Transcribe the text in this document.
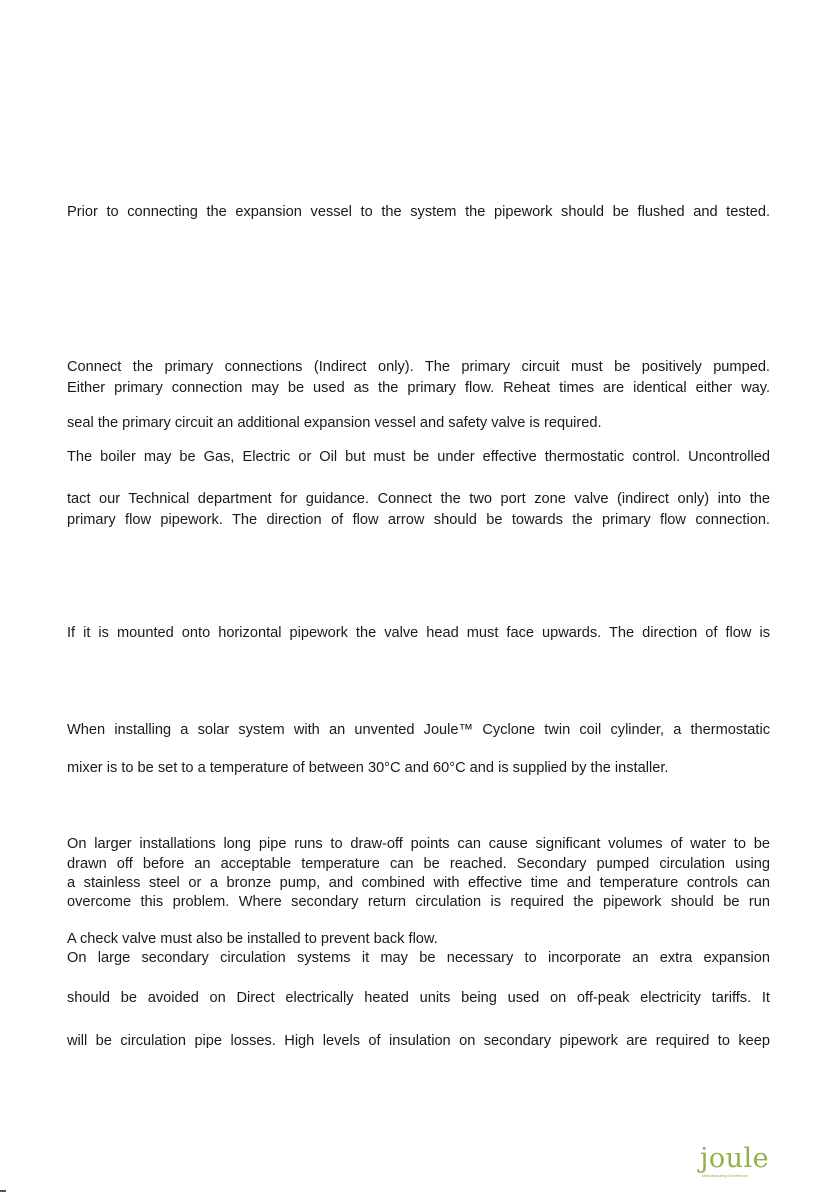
Prior to connecting the expansion vessel to the system the pipework should be flushed and tested.

Connect the primary connections (Indirect only). The primary circuit must be positively pumped.

Either primary connection may be used as the primary flow. Reheat times are identical either way.

seal the primary circuit an additional expansion vessel and safety valve is required.

The boiler may be Gas, Electric or Oil but must be under effective thermostatic control. Uncontrolled

tact our Technical department for guidance. Connect the two port zone valve (indirect only) into the

primary flow pipework. The direction of flow arrow should be towards the primary flow connection.

If it is mounted onto horizontal pipework the valve head must face upwards. The direction of flow is

When installing a solar system with an unvented Joule™ Cyclone twin coil cylinder, a thermostatic

mixer is to be set to a temperature of between 30°C and 60°C and is supplied by the installer.

On larger installations long pipe runs to draw-off points can cause significant volumes of water to be

drawn off before an acceptable temperature can be reached. Secondary pumped circulation using

a stainless steel or a bronze pump, and combined with effective time and temperature controls can

overcome this problem. Where secondary return circulation is required the pipework should be run

A check valve must also be installed to prevent back flow.

On large secondary circulation systems it may be necessary to incorporate an extra expansion

should be avoided on Direct electrically heated units being used on off-peak electricity tariffs. It

will be circulation pipe losses. High levels of insulation on secondary pipework are required to keep

joule
Manufacturing Excellence
